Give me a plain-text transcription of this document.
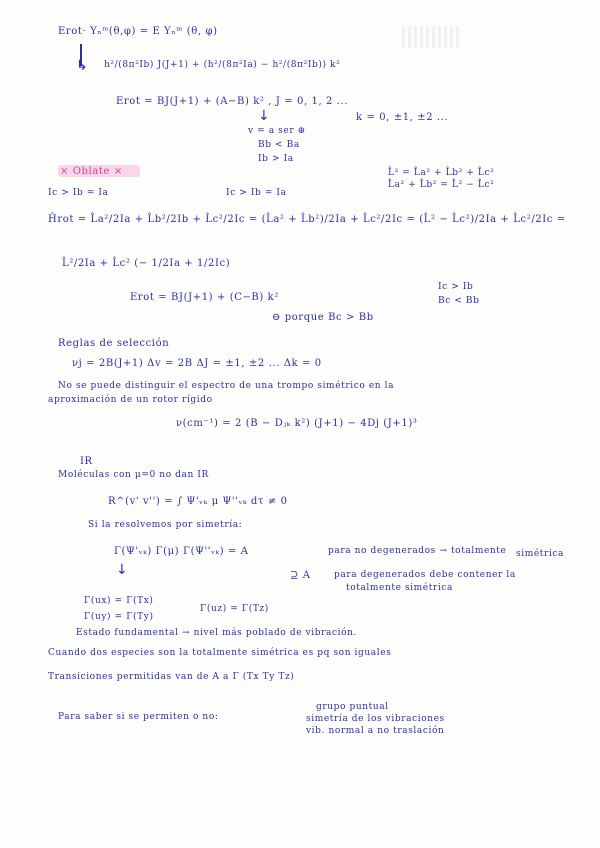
Erot· Yₙᵐ(θ,φ) = E Yₙᵐ (θ, φ)
↳ h²/(8π²Ib) J(J+1) + (h²/(8π²Ia) − h²/(8π²Ib)) k²
Erot = BJ(J+1) + (A−B) k² , J = 0, 1, 2 ...
↓	k = 0, ±1, ±2 ...
v = a ser ⊕
Bb < Ba
Ib > Ia
× Oblate ×	L̂² = L̂a² + L̂b² + L̂c²
L̂a² + L̂b² = L̂² − L̂c²
Ic > Ib = Ia	Ic > Ib = Ia
Ĥrot = L̂a²/2Ia + L̂b²/2Ib + L̂c²/2Ic = (L̂a² + L̂b²)/2Ia + L̂c²/2Ic = (L̂² − L̂c²)/2Ia + L̂c²/2Ic =
L̂²/2Ia + L̂c² (− 1/2Ia + 1/2Ic)
Erot = BJ(J+1) + (C−B) k²
Ic > Ib
Bc < Bb
⊖ porque Bc > Bb
Reglas de selección
νj = 2B(J+1) Δv = 2B ΔJ = ±1, ±2 ... Δk = 0
No se puede distinguir el espectro de una trompo simétrico en la
aproximación de un rotor rígido
ν(cm⁻¹) = 2 (B − Dⱼₖ k²) (J+1) − 4Dj (J+1)³
IR
Moléculas con μ=0 no dan IR
R^(v' v'') = ∫ Ψ'ᵥₖ μ Ψ''ᵥₖ dτ ≠ 0
Si la resolvemos por simetría:
Γ(Ψ'ᵥₖ) Γ(μ) Γ(Ψ''ᵥₖ) = A	para no degenerados → totalmente simétrica
↓	⊇ A	para degenerados debe contener la
totalmente simétrica
Γ(ux) = Γ(Tx)
Γ(uy) = Γ(Ty)
Γ(uz) = Γ(Tz)
Estado fundamental → nivel más poblado de vibración.
Cuando dos especies son la totalmente simétrica es pq son iguales
Transiciones permitidas van de A a Γ (Tx Ty Tz)
Para saber si se permiten o no:
grupo puntual
simetría de los vibraciones
vib. normal a no traslación
